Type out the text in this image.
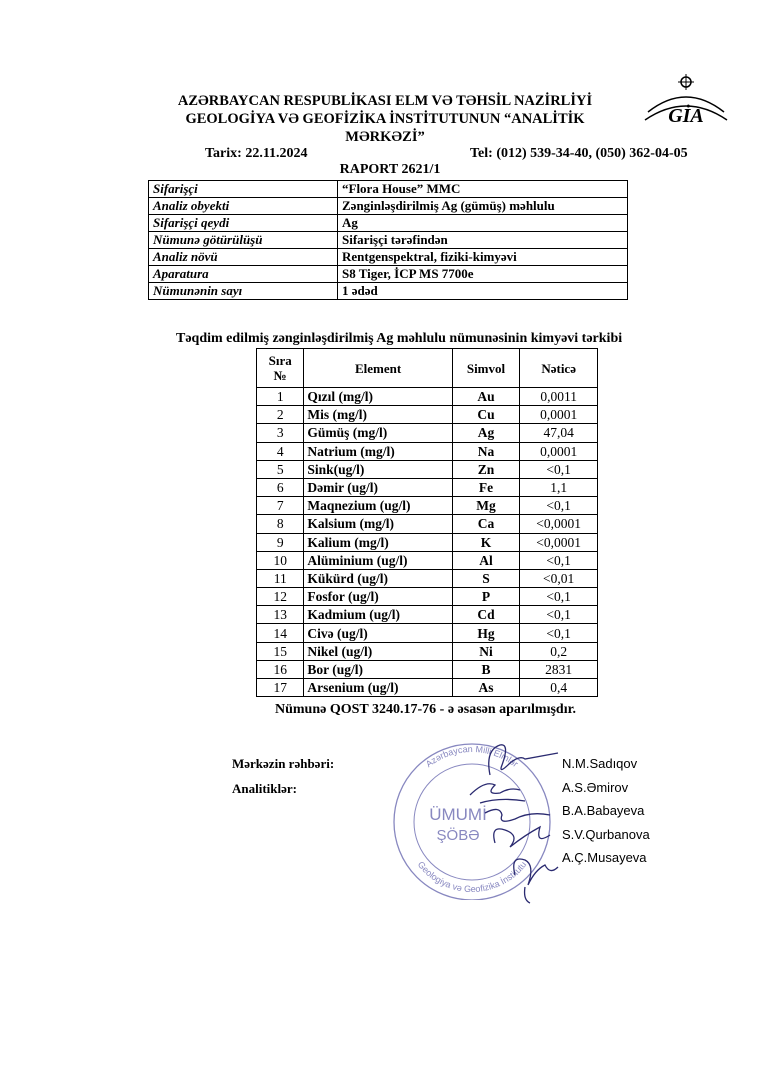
AZƏRBAYCAN RESPUBLİKASI ELM VƏ TƏHSİL NAZİRLİYİ
GEOLOGİYA VƏ GEOFİZİKA İNSTİTUTUNUN “ANALİTİK MƏRKƏZİ”
GİA
Tarix: 22.11.2024	Tel: (012) 539-34-40, (050) 362-04-05
RAPORT 2621/1
Sifarişçi	“Flora House” MMC
Analiz obyekti	Zənginləşdirilmiş Ag (gümüş) məhlulu
Sifarişçi qeydi	Ag
Nümunə götürülüşü	Sifarişçi tərəfindən
Analiz növü	Rentgenspektral, fiziki-kimyəvi
Aparatura	S8 Tiger, İCP MS 7700e
Nümunənin sayı	1 ədəd
Təqdim edilmiş zənginləşdirilmiş Ag məhlulu nümunəsinin kimyəvi tərkibi
Sıra
№	Element	Simvol	Nəticə
1	Qızıl (mg/l)	Au	0,0011
2	Mis (mg/l)	Cu	0,0001
3	Gümüş (mg/l)	Ag	47,04
4	Natrium (mg/l)	Na	0,0001
5	Sink(ug/l)	Zn	<0,1
6	Dəmir (ug/l)	Fe	1,1
7	Maqnezium (ug/l)	Mg	<0,1
8	Kalsium (mg/l)	Ca	<0,0001
9	Kalium (mg/l)	K	<0,0001
10	Alüminium (ug/l)	Al	<0,1
11	Kükürd (ug/l)	S	<0,01
12	Fosfor (ug/l)	P	<0,1
13	Kadmium (ug/l)	Cd	<0,1
14	Civə (ug/l)	Hg	<0,1
15	Nikel (ug/l)	Ni	0,2
16	Bor (ug/l)	B	2831
17	Arsenium (ug/l)	As	0,4
Nümunə QOST 3240.17-76 - ə əsasən aparılmışdır.
Mərkəzin rəhbəri:
Analitiklər:
Azərbaycan Milli Elmlər
Geologiya və Geofizika İnstitutu
ÜMUMİ
ŞÖBƏ
N.M.Sadıqov
A.S.Əmirov
B.A.Babayeva
S.V.Qurbanova
A.Ç.Musayeva
